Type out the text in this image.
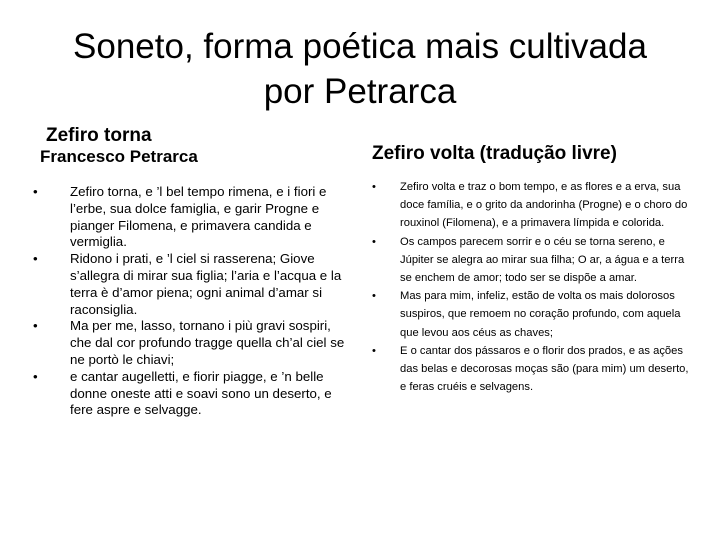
Soneto, forma poética mais cultivada
por Petrarca
Zefiro torna
Francesco Petrarca	Zefiro volta (tradução livre)
• Zefiro torna, e ’l bel tempo rimena, e i fiori e l’erbe, sua dolce famiglia, e garir Progne e pianger Filomena, e primavera candida e vermiglia.
• Ridono i prati, e ’l ciel si rasserena; Giove s’allegra di mirar sua figlia; l’aria e l’acqua e la terra è d’amor piena; ogni animal d’amar si raconsiglia.
• Ma per me, lasso, tornano i più gravi sospiri, che dal cor profundo tragge quella ch’al ciel se ne portò le chiavi;
• e cantar augelletti, e fiorir piagge, e ’n belle donne oneste atti e soavi sono un deserto, e fere aspre e selvagge.
• Zefiro volta e traz o bom tempo, e as flores e a erva, sua doce família, e o grito da andorinha (Progne) e o choro do rouxinol (Filomena), e a primavera límpida e colorida.
• Os campos parecem sorrir e o céu se torna sereno, e Júpiter se alegra ao mirar sua filha; O ar, a água e a terra se enchem de amor; todo ser se dispõe a amar.
• Mas para mim, infeliz, estão de volta os mais dolorosos suspiros, que remoem no coração profundo, com aquela que levou aos céus as chaves;
• E o cantar dos pássaros e o florir dos prados, e as ações das belas e decorosas moças são (para mim) um deserto, e feras cruéis e selvagens.
